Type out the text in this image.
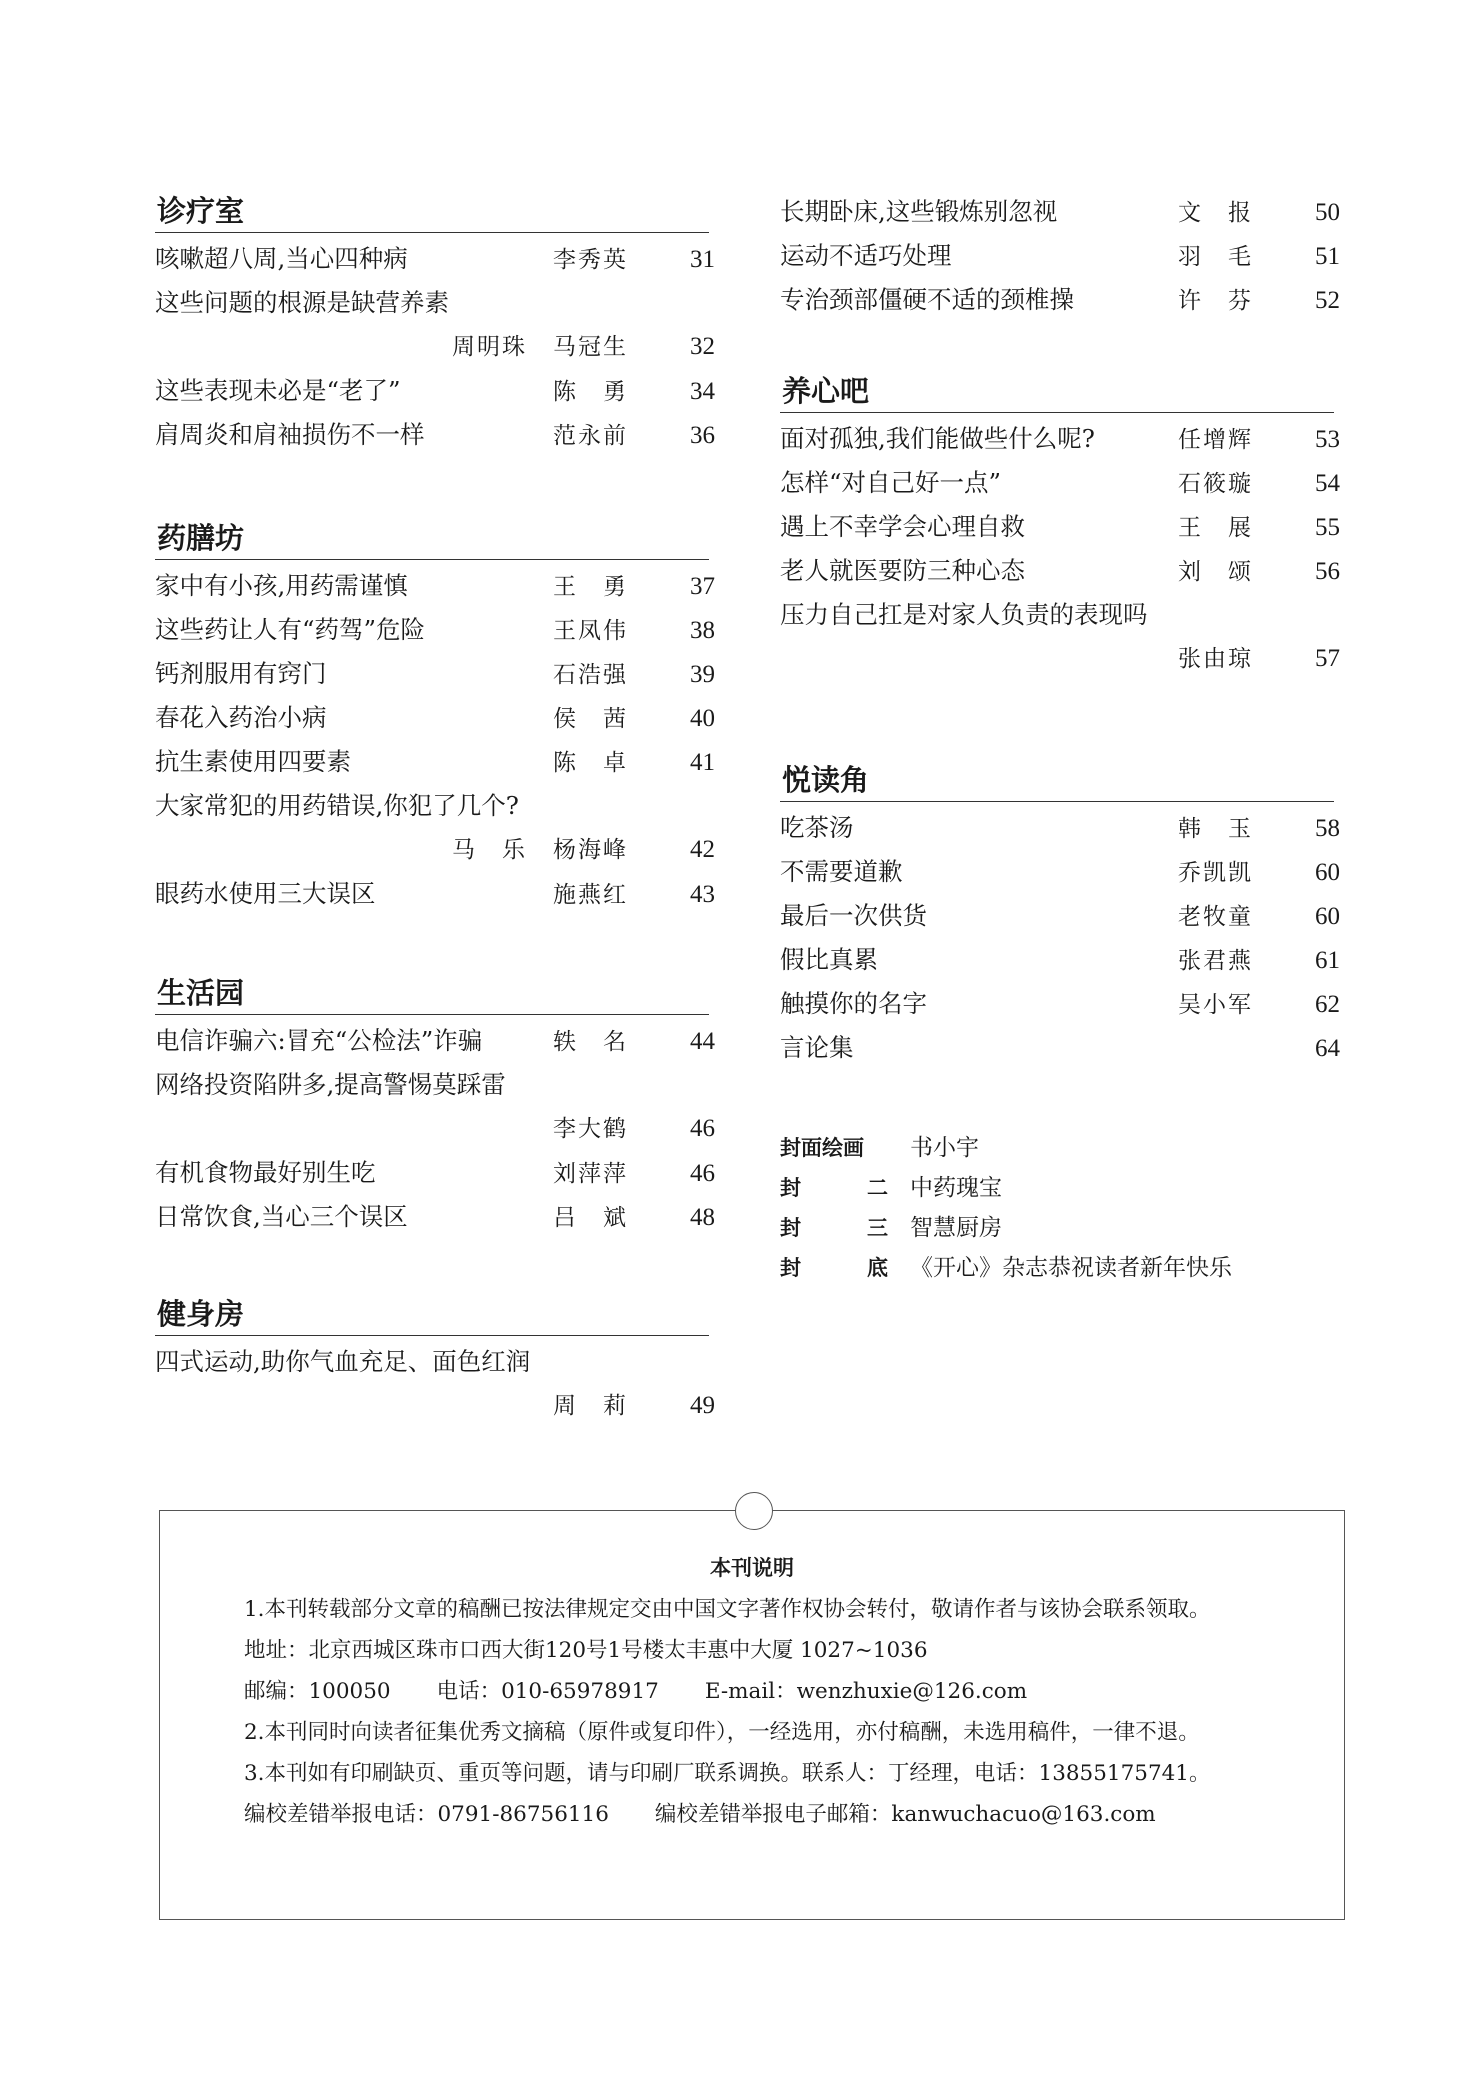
诊疗室
咳嗽超八周,当心四种病	李秀英	31
这些问题的根源是缺营养素
周明珠 马冠生	32
这些表现未必是“老了”	陈　勇	34
肩周炎和肩袖损伤不一样	范永前	36
药膳坊
家中有小孩,用药需谨慎	王　勇	37
这些药让人有“药驾”危险	王凤伟	38
钙剂服用有窍门	石浩强	39
春花入药治小病	侯　茜	40
抗生素使用四要素	陈　卓	41
大家常犯的用药错误,你犯了几个?
马　乐 杨海峰	42
眼药水使用三大误区	施燕红	43
生活园
电信诈骗六:冒充“公检法”诈骗	轶　名	44
网络投资陷阱多,提高警惕莫踩雷
李大鹤	46
有机食物最好别生吃	刘萍萍	46
日常饮食,当心三个误区	吕　斌	48
健身房
四式运动,助你气血充足、面色红润
周　莉	49
长期卧床,这些锻炼别忽视	文　报	50
运动不适巧处理	羽　毛	51
专治颈部僵硬不适的颈椎操	许　芬	52
养心吧
面对孤独,我们能做些什么呢?	任增辉	53
怎样“对自己好一点”	石筱璇	54
遇上不幸学会心理自救	王　展	55
老人就医要防三种心态	刘　颂	56
压力自己扛是对家人负责的表现吗
张由琼	57
悦读角
吃茶汤	韩　玉	58
不需要道歉	乔凯凯	60
最后一次供货	老牧童	60
假比真累	张君燕	61
触摸你的名字	吴小军	62
言论集	64
封面绘画 书小宇
封	二 中药瑰宝
封	三 智慧厨房
封	底 《开心》杂志恭祝读者新年快乐
本刊说明
1.本刊转载部分文章的稿酬已按法律规定交由中国文字著作权协会转付，敬请作者与该协会联系领取。
地址：北京西城区珠市口西大街120号1号楼太丰惠中大厦 1027~1036
邮编：100050 电话：010-65978917 E-mail：wenzhuxie@126.com
2.本刊同时向读者征集优秀文摘稿（原件或复印件），一经选用，亦付稿酬，未选用稿件，一律不退。
3.本刊如有印刷缺页、重页等问题，请与印刷厂联系调换。联系人：丁经理，电话：13855175741。
编校差错举报电话：0791-86756116 编校差错举报电子邮箱：kanwuchacuo@163.com
